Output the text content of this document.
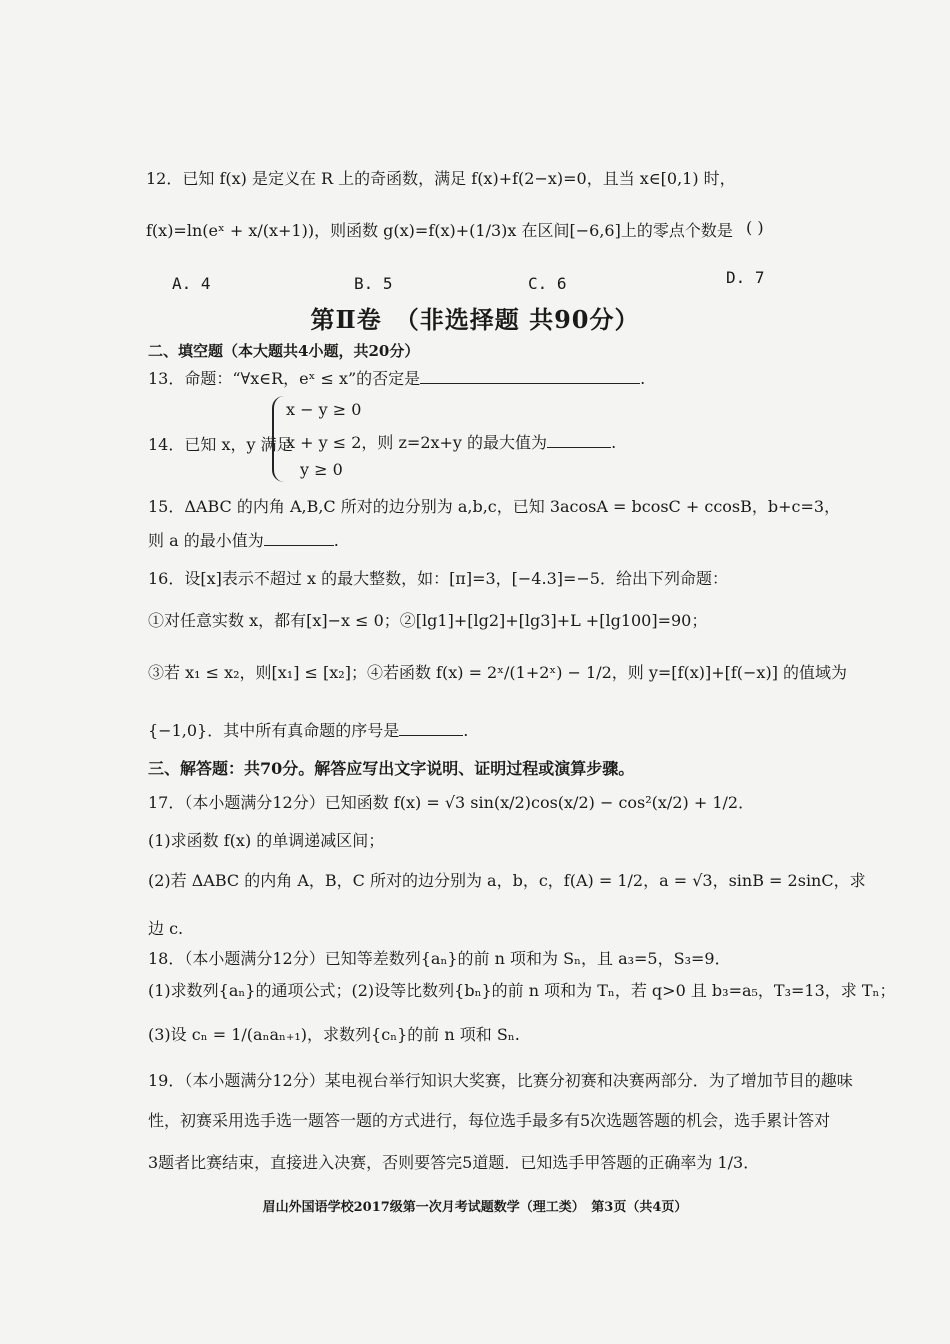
12．已知 f(x) 是定义在 R 上的奇函数，满足 f(x)+f(2−x)=0，且当 x∈[0,1) 时，
f(x)=ln(eˣ + x/(x+1))，则函数 g(x)=f(x)+(1/3)x 在区间[−6,6]上的零点个数是 ( )
A. 4	B. 5	C. 6	D. 7
第Ⅱ卷　（非选择题 共90分）
二、填空题（本大题共4小题，共20分）
13．命题：“∀x∈R，eˣ ≤ x”的否定是	.
14．已知 x，y 满足
x − y ≥ 0
x + y ≤ 2，则 z=2x+y 的最大值为	.
y ≥ 0
15．ΔABC 的内角 A,B,C 所对的边分别为 a,b,c，已知 3acosA = bcosC + ccosB，b+c=3，
则 a 的最小值为	.
16．设[x]表示不超过 x 的最大整数，如：[π]=3，[−4.3]=−5．给出下列命题：
①对任意实数 x，都有[x]−x ≤ 0；②[lg1]+[lg2]+[lg3]+L +[lg100]=90；
③若 x₁ ≤ x₂，则[x₁] ≤ [x₂]；④若函数 f(x) = 2ˣ/(1+2ˣ) − 1/2，则 y=[f(x)]+[f(−x)] 的值域为
{−1,0}．其中所有真命题的序号是	.
三、解答题：共70分。解答应写出文字说明、证明过程或演算步骤。
17．（本小题满分12分）已知函数 f(x) = √3 sin(x/2)cos(x/2) − cos²(x/2) + 1/2．
(1)求函数 f(x) 的单调递减区间；
(2)若 ΔABC 的内角 A，B，C 所对的边分别为 a，b，c，f(A) = 1/2，a = √3，sinB = 2sinC，求
边 c.
18．（本小题满分12分）已知等差数列{aₙ}的前 n 项和为 Sₙ，且 a₃=5，S₃=9．
(1)求数列{aₙ}的通项公式；(2)设等比数列{bₙ}的前 n 项和为 Tₙ，若 q>0 且 b₃=a₅，T₃=13，求 Tₙ；
(3)设 cₙ = 1/(aₙaₙ₊₁)，求数列{cₙ}的前 n 项和 Sₙ.
19．（本小题满分12分）某电视台举行知识大奖赛，比赛分初赛和决赛两部分．为了增加节目的趣味
性，初赛采用选手选一题答一题的方式进行，每位选手最多有5次选题答题的机会，选手累计答对
3题者比赛结束，直接进入决赛，否则要答完5道题．已知选手甲答题的正确率为 1/3．
眉山外国语学校2017级第一次月考试题数学（理工类）　第3页（共4页）
